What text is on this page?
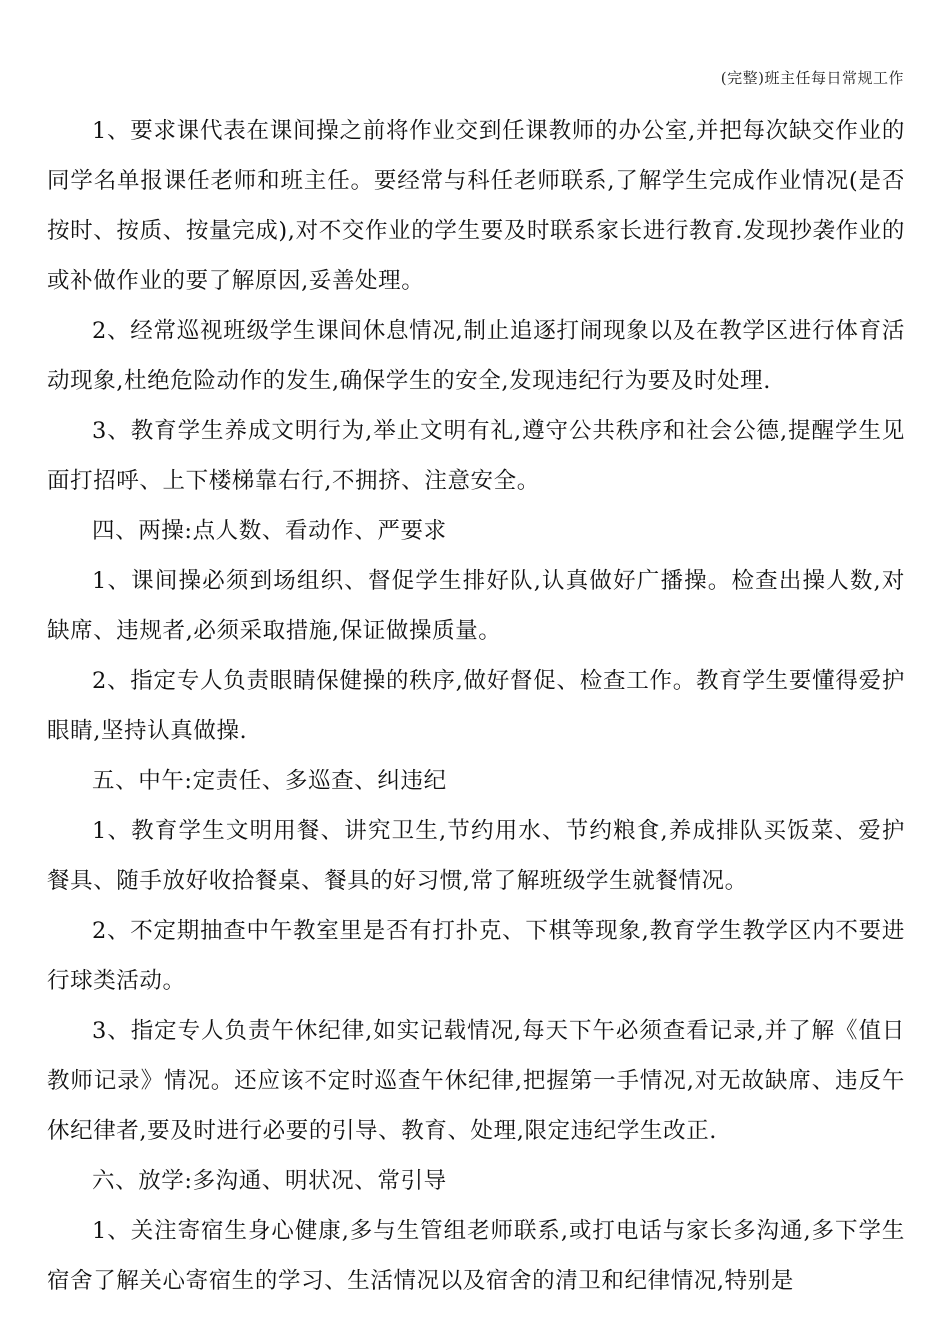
(完整)班主任每日常规工作

1、要求课代表在课间操之前将作业交到任课教师的办公室,并把每次缺交作业的同学名单报课任老师和班主任。要经常与科任老师联系,了解学生完成作业情况(是否按时、按质、按量完成),对不交作业的学生要及时联系家长进行教育.发现抄袭作业的或补做作业的要了解原因,妥善处理。

2、经常巡视班级学生课间休息情况,制止追逐打闹现象以及在教学区进行体育活动现象,杜绝危险动作的发生,确保学生的安全,发现违纪行为要及时处理.

3、教育学生养成文明行为,举止文明有礼,遵守公共秩序和社会公德,提醒学生见面打招呼、上下楼梯靠右行,不拥挤、注意安全。

四、两操:点人数、看动作、严要求

1、课间操必须到场组织、督促学生排好队,认真做好广播操。检查出操人数,对缺席、违规者,必须采取措施,保证做操质量。

2、指定专人负责眼睛保健操的秩序,做好督促、检查工作。教育学生要懂得爱护眼睛,坚持认真做操.

五、中午:定责任、多巡查、纠违纪

1、教育学生文明用餐、讲究卫生,节约用水、节约粮食,养成排队买饭菜、爱护餐具、随手放好收拾餐桌、餐具的好习惯,常了解班级学生就餐情况。

2、不定期抽查中午教室里是否有打扑克、下棋等现象,教育学生教学区内不要进行球类活动。

3、指定专人负责午休纪律,如实记载情况,每天下午必须查看记录,并了解《值日教师记录》情况。还应该不定时巡查午休纪律,把握第一手情况,对无故缺席、违反午休纪律者,要及时进行必要的引导、教育、处理,限定违纪学生改正.

六、放学:多沟通、明状况、常引导

1、关注寄宿生身心健康,多与生管组老师联系,或打电话与家长多沟通,多下学生宿舍了解关心寄宿生的学习、生活情况以及宿舍的清卫和纪律情况,特别是
